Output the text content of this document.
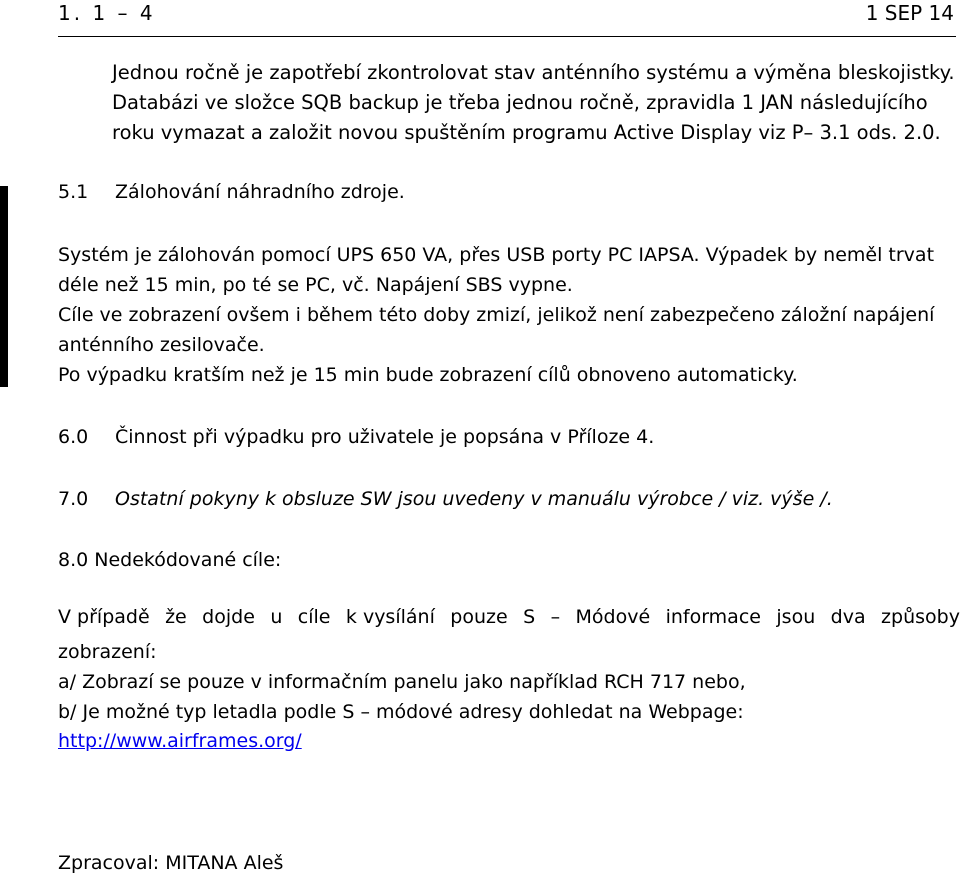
1. 1 – 4	1 SEP 14

Jednou ročně je zapotřebí zkontrolovat stav anténního systému a výměna bleskojistky.

Databázi ve složce SQB backup je třeba jednou ročně, zpravidla 1 JAN následujícího

roku vymazat a založit novou spuštěním programu Active Display viz P– 3.1 ods. 2.0.

5.1 Zálohování náhradního zdroje.

Systém je zálohován pomocí UPS 650 VA, přes USB porty PC IAPSA. Výpadek by neměl trvat

déle než 15 min, po té se PC, vč. Napájení SBS vypne.

Cíle ve zobrazení ovšem i během této doby zmizí, jelikož není zabezpečeno záložní napájení

anténního zesilovače.

Po výpadku kratším než je 15 min bude zobrazení cílů obnoveno automaticky.

6.0 Činnost při výpadku pro uživatele je popsána v Příloze 4.
7.0 Ostatní pokyny k obsluze SW jsou uvedeny v manuálu výrobce / viz. výše /.
8.0 Nedekódované cíle:
V případě že dojde u cíle k vysílání pouze S – Módové informace jsou dva způsoby

zobrazení:

a/ Zobrazí se pouze v informačním panelu jako například RCH 717 nebo,

b/ Je možné typ letadla podle S – módové adresy dohledat na Webpage:

http://www.airframes.org/
Zpracoval: MITANA Aleš
